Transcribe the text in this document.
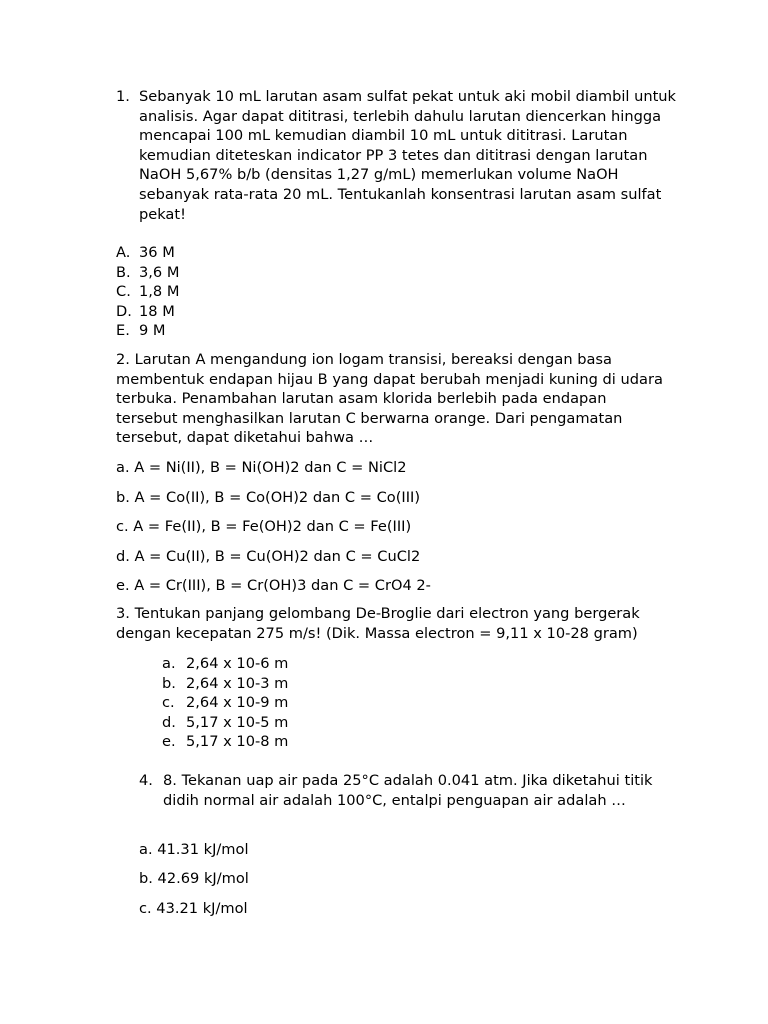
1. Sebanyak 10 mL larutan asam sulfat pekat untuk aki mobil diambil untuk analisis. Agar dapat dititrasi, terlebih dahulu larutan diencerkan hingga mencapai 100 mL kemudian diambil 10 mL untuk dititrasi. Larutan kemudian diteteskan indicator PP 3 tetes dan dititrasi dengan larutan NaOH 5,67% b/b (densitas 1,27 g/mL) memerlukan volume NaOH sebanyak rata-rata 20 mL. Tentukanlah konsentrasi larutan asam sulfat pekat!
A. 36 M
B. 3,6 M
C. 1,8 M
D. 18 M
E. 9 M
2. Larutan A mengandung ion logam transisi, bereaksi dengan basa membentuk endapan hijau B yang dapat berubah menjadi kuning di udara terbuka. Penambahan larutan asam klorida berlebih pada endapan tersebut menghasilkan larutan C berwarna orange. Dari pengamatan tersebut, dapat diketahui bahwa …
a. A = Ni(II), B = Ni(OH)2 dan C = NiCl2
b. A = Co(II), B = Co(OH)2 dan C = Co(III)
c. A = Fe(II), B = Fe(OH)2 dan C = Fe(III)
d. A = Cu(II), B = Cu(OH)2 dan C = CuCl2
e. A = Cr(III), B = Cr(OH)3 dan C = CrO4 2-
3. Tentukan panjang gelombang De-Broglie dari electron yang bergerak dengan kecepatan 275 m/s! (Dik. Massa electron = 9,11 x 10-28 gram)
a. 2,64 x 10-6 m
b. 2,64 x 10-3 m
c. 2,64 x 10-9 m
d. 5,17 x 10-5 m
e. 5,17 x 10-8 m
4. 8. Tekanan uap air pada 25°C adalah 0.041 atm. Jika diketahui titik didih normal air adalah 100°C, entalpi penguapan air adalah …
a. 41.31 kJ/mol
b. 42.69 kJ/mol
c. 43.21 kJ/mol
